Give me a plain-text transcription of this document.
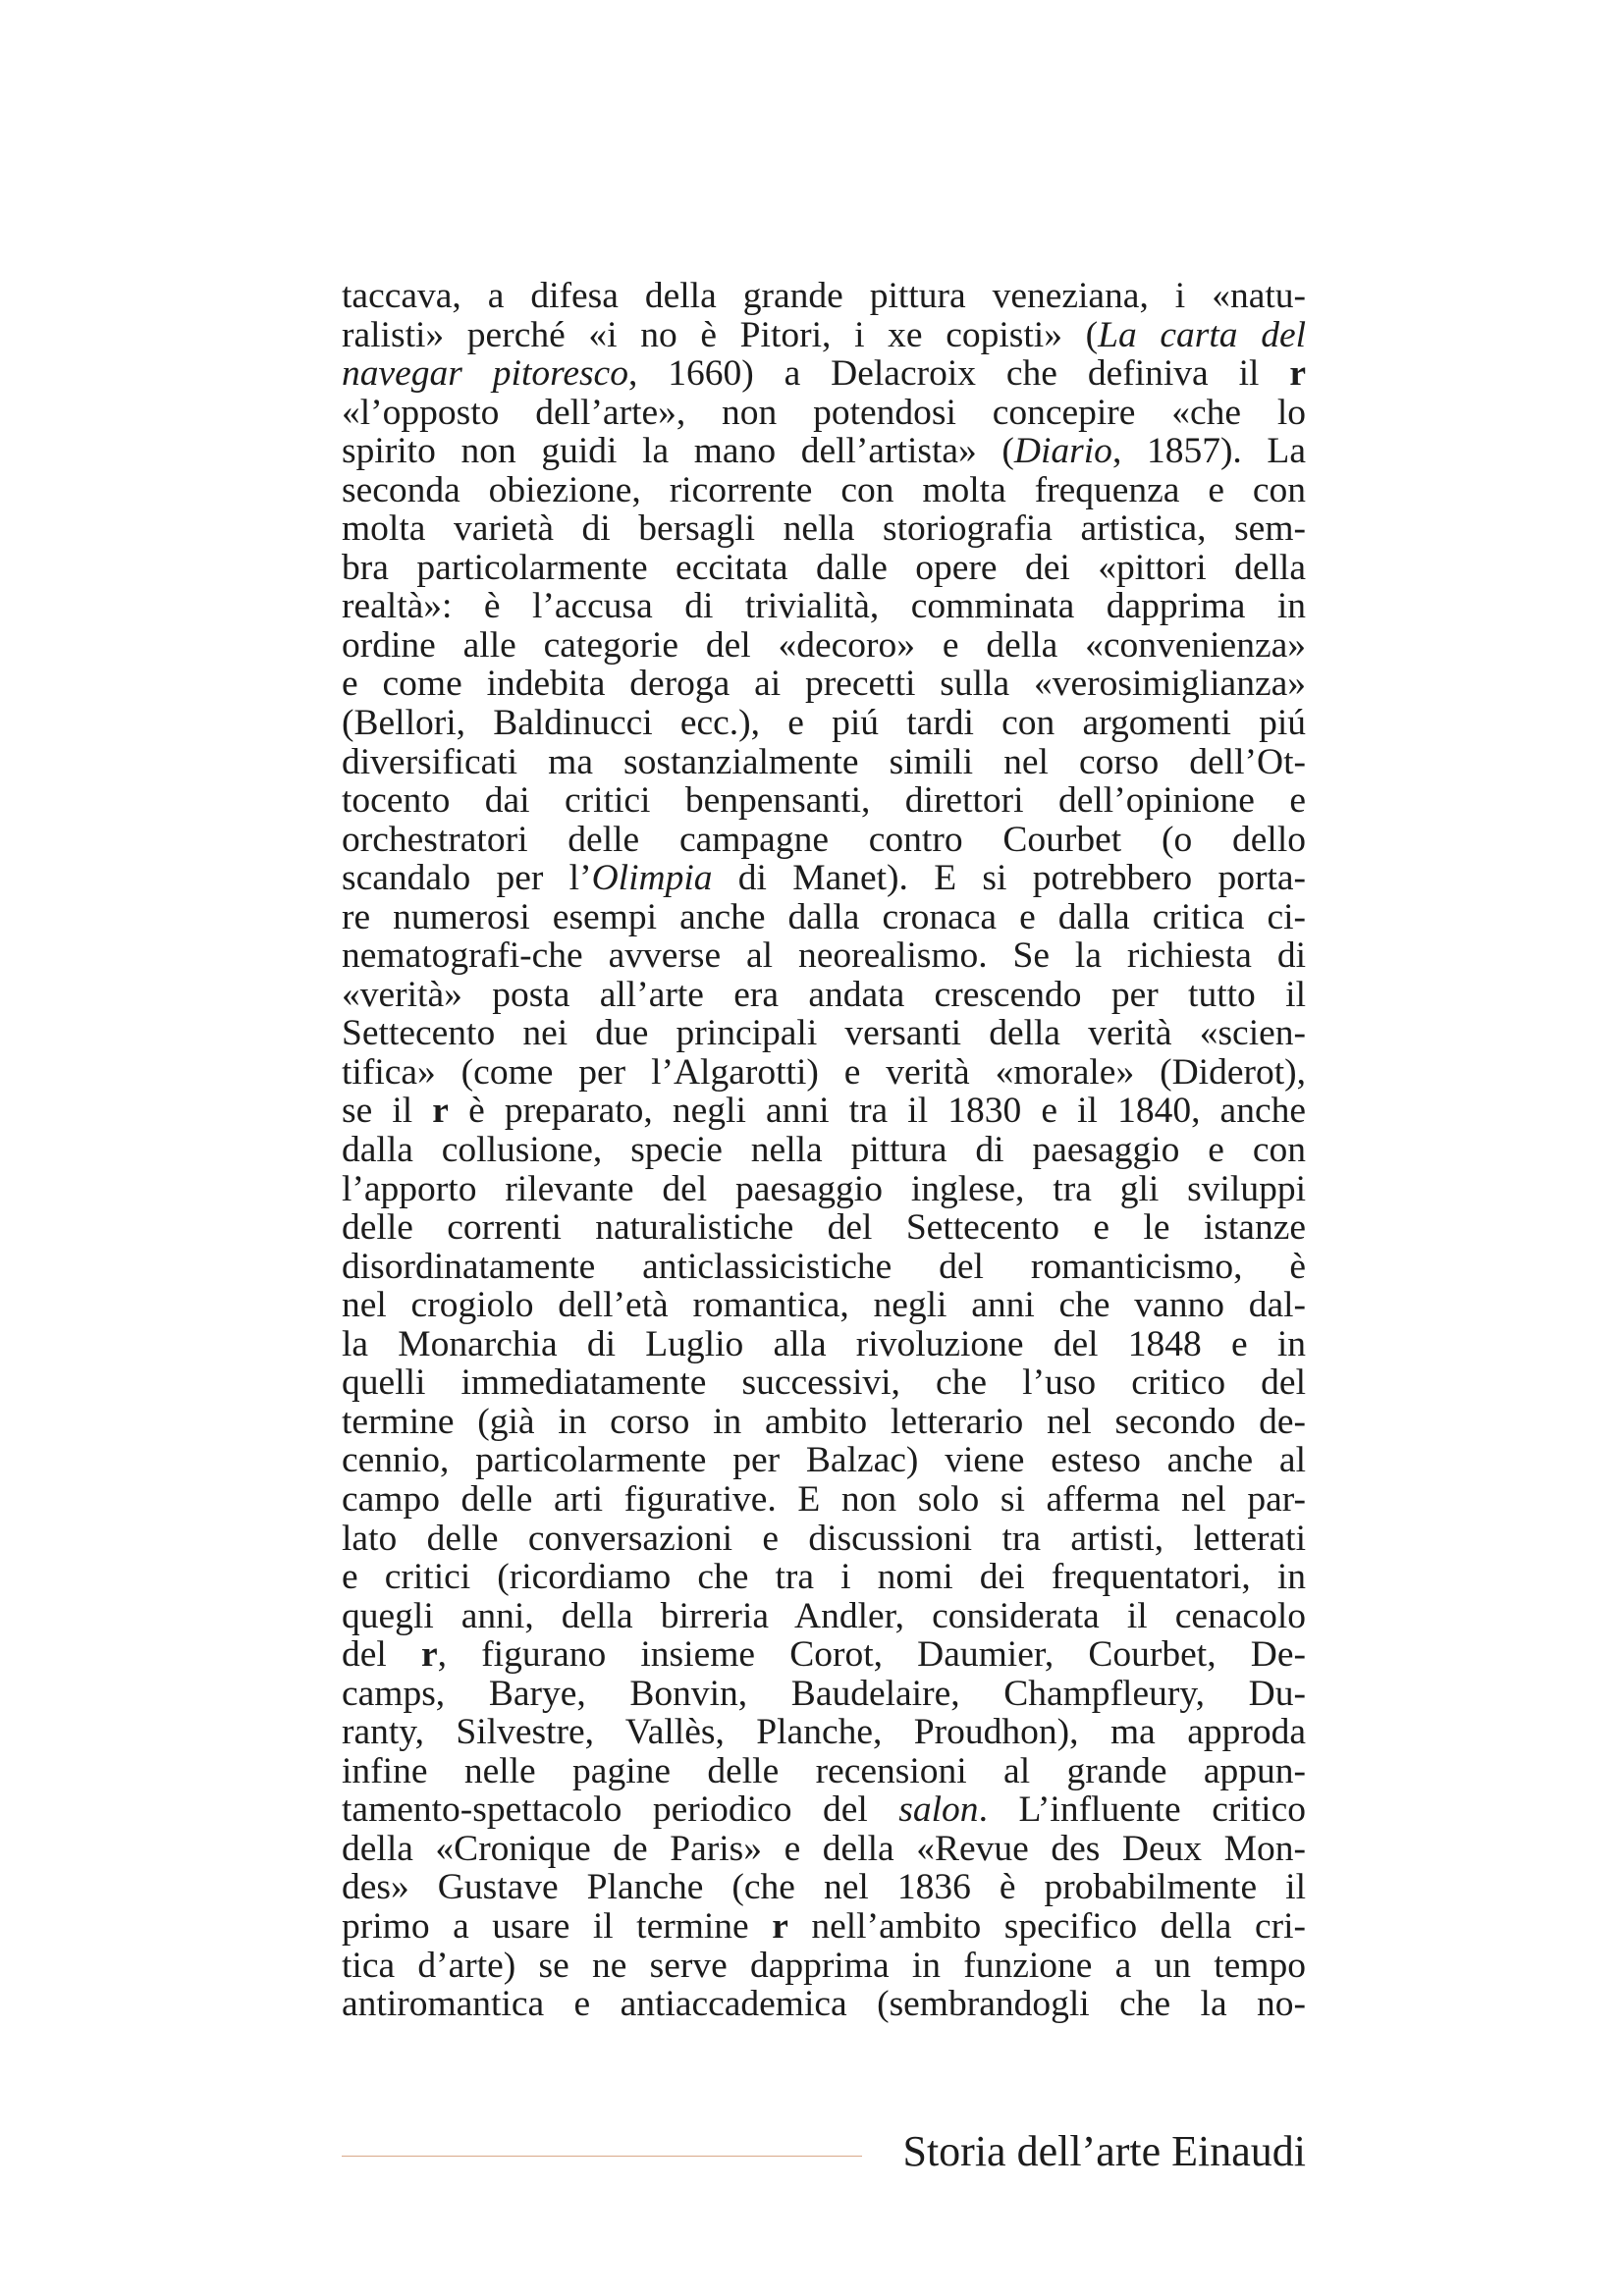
taccava, a difesa della grande pittura veneziana, i «natu-
ralisti» perché «i no è Pitori, i xe copisti» (La carta del
navegar pitoresco, 1660) a Delacroix che definiva il r
«l’opposto dell’arte», non potendosi concepire «che lo
spirito non guidi la mano dell’artista» (Diario, 1857). La
seconda obiezione, ricorrente con molta frequenza e con
molta varietà di bersagli nella storiografia artistica, sem-
bra particolarmente eccitata dalle opere dei «pittori della
realtà»: è l’accusa di trivialità, comminata dapprima in
ordine alle categorie del «decoro» e della «convenienza»
e come indebita deroga ai precetti sulla «verosimiglianza»
(Bellori, Baldinucci ecc.), e piú tardi con argomenti piú
diversificati ma sostanzialmente simili nel corso dell’Ot-
tocento dai critici benpensanti, direttori dell’opinione e
orchestratori delle campagne contro Courbet (o dello
scandalo per l’Olimpia di Manet). E si potrebbero porta-
re numerosi esempi anche dalla cronaca e dalla critica ci-
nematografi-che avverse al neorealismo. Se la richiesta di
«verità» posta all’arte era andata crescendo per tutto il
Settecento nei due principali versanti della verità «scien-
tifica» (come per l’Algarotti) e verità «morale» (Diderot),
se il r è preparato, negli anni tra il 1830 e il 1840, anche
dalla collusione, specie nella pittura di paesaggio e con
l’apporto rilevante del paesaggio inglese, tra gli sviluppi
delle correnti naturalistiche del Settecento e le istanze
disordinatamente anticlassicistiche del romanticismo, è
nel crogiolo dell’età romantica, negli anni che vanno dal-
la Monarchia di Luglio alla rivoluzione del 1848 e in
quelli immediatamente successivi, che l’uso critico del
termine (già in corso in ambito letterario nel secondo de-
cennio, particolarmente per Balzac) viene esteso anche al
campo delle arti figurative. E non solo si afferma nel par-
lato delle conversazioni e discussioni tra artisti, letterati
e critici (ricordiamo che tra i nomi dei frequentatori, in
quegli anni, della birreria Andler, considerata il cenacolo
del r, figurano insieme Corot, Daumier, Courbet, De-
camps, Barye, Bonvin, Baudelaire, Champfleury, Du-
ranty, Silvestre, Vallès, Planche, Proudhon), ma approda
infine nelle pagine delle recensioni al grande appun-
tamento-spettacolo periodico del salon. L’influente critico
della «Cronique de Paris» e della «Revue des Deux Mon-
des» Gustave Planche (che nel 1836 è probabilmente il
primo a usare il termine r nell’ambito specifico della cri-
tica d’arte) se ne serve dapprima in funzione a un tempo
antiromantica e antiaccademica (sembrandogli che la no-
Storia dell’arte Einaudi
